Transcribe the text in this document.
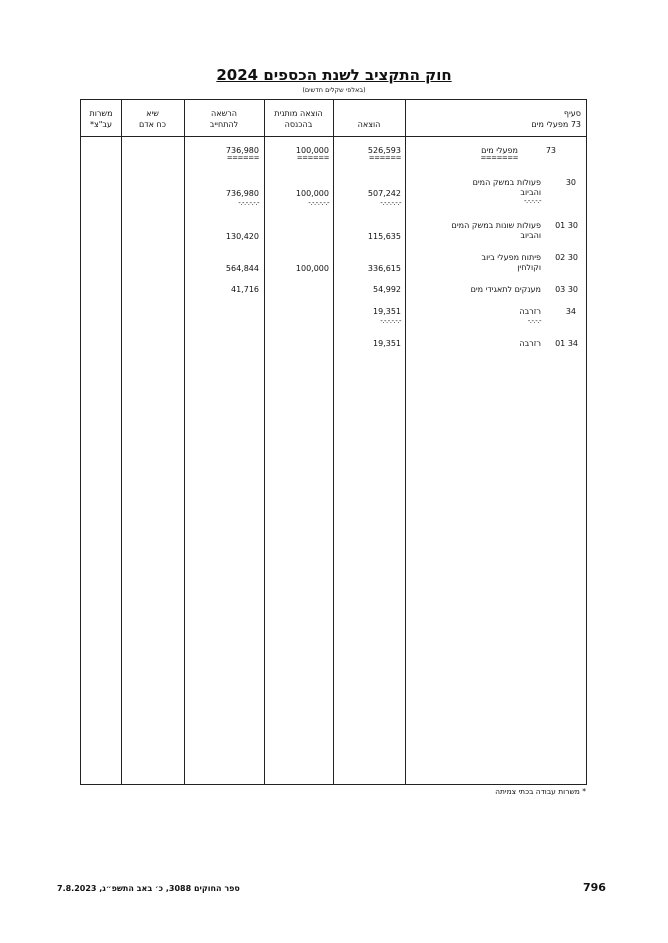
חוק התקציב לשנת הכספים 2024
(באלפי שקלים חדשים)
משרות
עב"צ*
שיא
כח אדם
הרשאה
להתחייב
הוצאה מותנית
בהכנסה	הוצאה
סעיף
73 מפעלי מים
73
מפעלי מים
=======
526,593
======
100,000
======
736,980
======
30
פעולות במשק המים
והביוב
-.-.-.-.-
507,242
-.-.-.-.-.-
100,000
-.-.-.-.-.-
736,980
-.-.-.-.-.-
30 01
פעולות שונות במשק המים
והביוב
115,635
130,420
30 02
פיתוח מפעלי ביוב
וקולחין
336,615
100,000
564,844
30 03
מענקים לתאגידי מים
54,992
41,716
34
רזרבה
-.-.-.-
19,351
-.-.-.-.-.-
34 01
רזרבה
19,351
* משרות עבודה בכתי צמיתה
ספר החוקים 3088, כ׳ באב התשפ״ג, 7.8.2023	796
